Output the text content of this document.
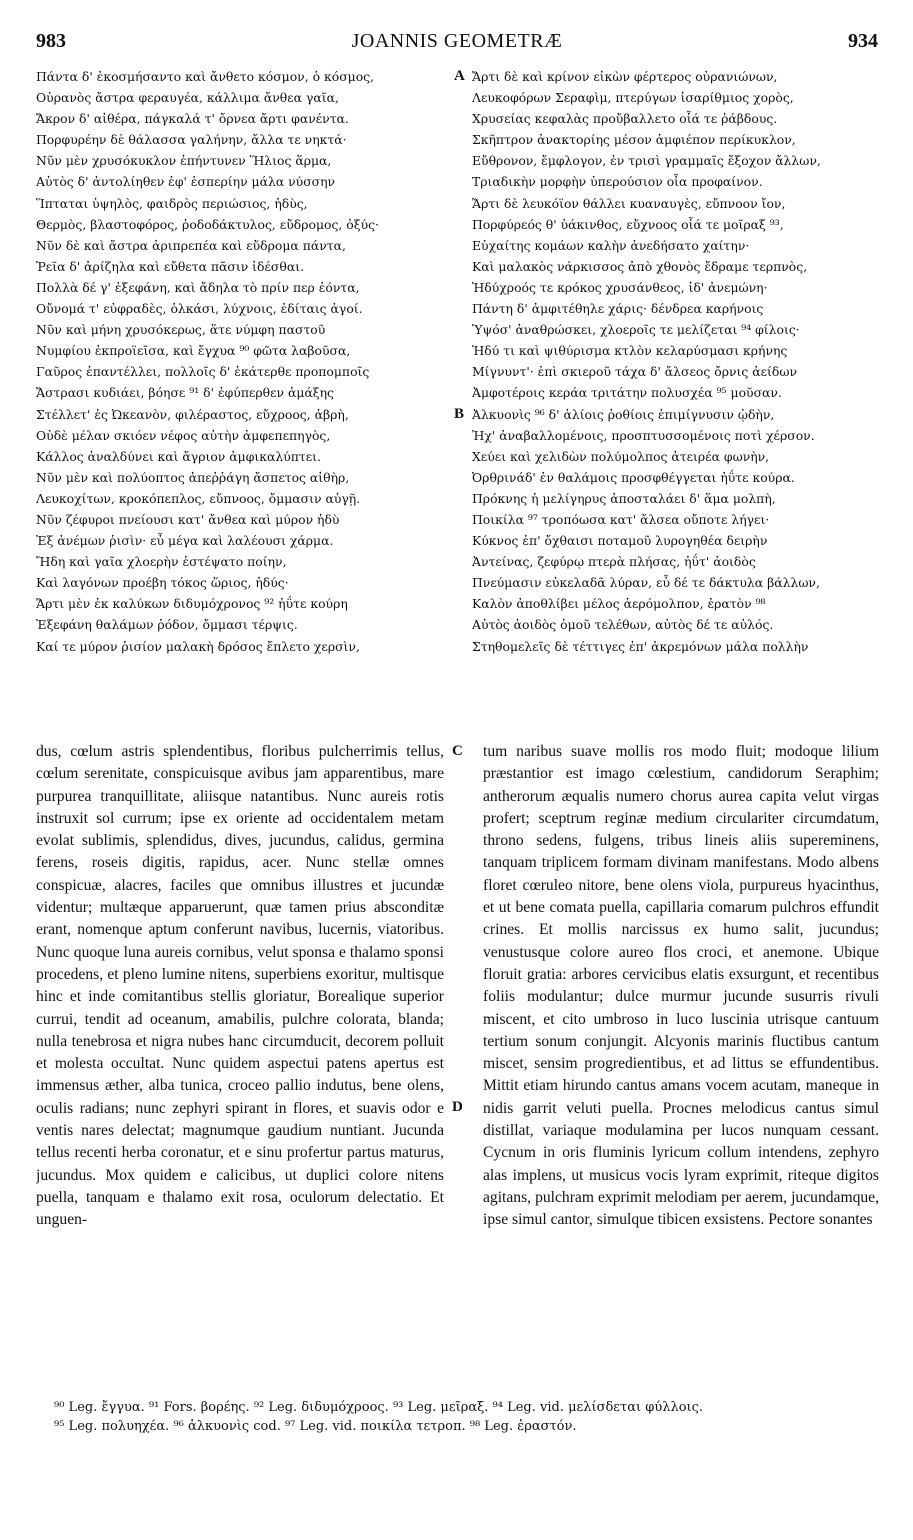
983	JOANNIS GEOMETRÆ	934
Πάντα δ' ἐκοσμήσαντο καὶ ἄνθετο κόσμον, ὁ κόσμος,
Οὐρανὸς ἄστρα φεραυγέα, κάλλιμα ἄνθεα γαῖα,
Ἄκρον δ' αἰθέρα, πάγκαλά τ' ὄρνεα ἄρτι φανέντα.
Πορφυρέην δὲ θάλασσα γαλήνην, ἄλλα τε νηκτά·
Νῦν μὲν χρυσόκυκλον ἐπήντυνεν Ἥλιος ἅρμα,
Αὐτὸς δ' ἀντολίηθεν ἐφ' ἑσπερίην μάλα νύσσην
Ἵπταται ὑψηλὸς, φαιδρὸς περιώσιος, ἡδὺς,
Θερμὸς, βλαστοφόρος, ῥοδοδάκτυλος, εὔδρομος, ὀξύς·
Νῦν δὲ καὶ ἄστρα ἀριπρεπέα καὶ εὔδρομα πάντα,
Ῥεῖα δ' ἀρίζηλα καὶ εὔθετα πᾶσιν ἰδέσθαι.
Πολλὰ δέ γ' ἐξεφάνη, καὶ ἄδηλα τὸ πρίν περ ἐόντα,
Οὔνομά τ' εὐφραδὲς, ὁλκάσι, λύχνοις, ἐδίταις ἁγοί.
Νῦν καὶ μήνη χρυσόκερως, ἅτε νύμφη παστοῦ
Νυμφίου ἐκπροϊεῖσα, καὶ ἔγχυα ⁹⁰ φῶτα λαβοῦσα,
Γαῦρος ἐπαντέλλει, πολλοῖς δ' ἑκάτερθε προπομποῖς
Ἄστρασι κυδιάει, βόησε ⁹¹ δ' ἐφύπερθεν ἁμάξης
Στέλλετ' ἐς Ὠκεανὸν, φιλέραστος, εὔχροος, ἁβρὴ,
Οὐδὲ μέλαν σκιόεν νέφος αὐτὴν ἀμφεπεπηγὸς,
Κάλλος ἀναλδύνει καὶ ἄγριον ἀμφικαλύπτει.
Νῦν μὲν καὶ πολύοπτος ἀπεῤῥάγη ἄσπετος αἰθὴρ,
Λευκοχίτων, κροκόπεπλος, εὔπνοος, ὄμμασιν αὐγῇ.
Νῦν ζέφυροι πνείουσι κατ' ἄνθεα καὶ μύρον ἡδὺ
Ἐξ ἀνέμων ῥισὶν· εὖ μέγα καὶ λαλέουσι χάρμα.
Ἤδη καὶ γαῖα χλοερὴν ἑστέψατο ποίην,
Καὶ λαγόνων προέβη τόκος ὥριος, ἡδύς·
Ἄρτι μὲν ἐκ καλύκων διδυμόχρονος ⁹² ἠΰτε κούρη
Ἐξεφάνη θαλάμων ῥόδον, ὄμμασι τέρψις.
Καί τε μύρον ῥισίον μαλακὴ δρόσος ἔπλετο χερσὶν,
Ἄρτι δὲ καὶ κρίνον εἰκὼν φέρτερος οὐρανιώνων,
Λευκοφόρων Σεραφὶμ, πτερύγων ἰσαρίθμιος χορὸς,
Χρυσείας κεφαλὰς προὔβαλλετο οἷά τε ῥάβδους.
Σκῆπτρον ἀνακτορίης μέσον ἀμφιέπον περίκυκλον,
Εὔθρονον, ἔμφλογον, ἐν τρισὶ γραμμαῖς ἔξοχον ἄλλων,
Τριαδικὴν μορφὴν ὑπερούσιον οἷα προφαίνον.
Ἄρτι δὲ λευκόϊον θάλλει κυαναυγὲς, εὔπνοον ἴον,
Πορφύρεός θ' ὑάκινθος, εὔχνοος οἷά τε μοῖραξ ⁹³,
Εὐχαίτης κομάων καλὴν ἀνεδήσατο χαίτην·
Καὶ μαλακὸς νάρκισσος ἀπὸ χθονὸς ἔδραμε τερπνὸς,
Ἡδύχροός τε κρόκος χρυσάνθεος, ἰδ' ἀνεμώνη·
Πάντη δ' ἀμφιτέθηλε χάρις· δένδρεα καρήνοις
Ὑψόσ' ἀναθρώσκει, χλοεροῖς τε μελίζεται ⁹⁴ φίλοις·
Ἡδύ τι καὶ ψιθύρισμα κτλὸν κελαρύσμασι κρήνης
Μίγνυντ'· ἐπὶ σκιεροῦ τάχα δ' ἄλσεος ὄρνις ἀείδων
Ἀμφοτέροις κεράα τριτάτην πολυσχέα ⁹⁵ μοῦσαν.
Ἀλκυονὶς ⁹⁶ δ' ἁλίοις ῥοθίοις ἐπιμίγνυσιν ᾠδὴν,
Ἠχ' ἀναβαλλομένοις, προσπτυσσομένοις ποτὶ χέρσον.
Χεύει καὶ χελιδὼν πολύμολπος ἀτειρέα φωνὴν,
Ὀρθρινάδ' ἐν θαλάμοις προσφθέγγεται ἠΰτε κούρα.
Πρόκνης ἡ μελίγηρυς ἀποσταλάει δ' ἅμα μολπὴ,
Ποικίλα ⁹⁷ τροπόωσα κατ' ἄλσεα οὔποτε λήγει·
Κύκνος ἐπ' ὄχθαισι ποταμοῦ λυρογηθέα δειρὴν
Ἀντείνας, ζεφύρῳ πτερὰ πλήσας, ἠΰτ' ἀοιδὸς
Πνεύμασιν εὐκελαδᾶ λύραν, εὖ δέ τε δάκτυλα βάλλων,
Καλὸν ἀποθλίβει μέλος ἀερόμολπον, ἐρατὸν ⁹⁸
Αὐτὸς ἀοιδὸς ὁμοῦ τελέθων, αὐτὸς δέ τε αὐλός.
Στηθομελεῖς δὲ τέττιγες ἐπ' ἀκρεμόνων μάλα πολλὴν
A
B
C
D
dus, cœlum astris splendentibus, floribus pulcherrimis tellus, cœlum serenitate, conspicuisque avibus jam apparentibus, mare purpurea tranquillitate, aliisque natantibus. Nunc aureis rotis instruxit sol currum; ipse ex oriente ad occidentalem metam evolat sublimis, splendidus, dives, jucundus, calidus, germina ferens, roseis digitis, rapidus, acer. Nunc stellæ omnes conspicuæ, alacres, faciles que omnibus illustres et jucundæ videntur; multæque apparuerunt, quæ tamen prius absconditæ erant, nomenque aptum conferunt navibus, lucernis, viatoribus. Nunc quoque luna aureis cornibus, velut sponsa e thalamo sponsi procedens, et pleno lumine nitens, superbiens exoritur, multisque hinc et inde comitantibus stellis gloriatur, Borealique superior currui, tendit ad oceanum, amabilis, pulchre colorata, blanda; nulla tenebrosa et nigra nubes hanc circumducit, decorem polluit et molesta occultat. Nunc quidem aspectui patens apertus est immensus æther, alba tunica, croceo pallio indutus, bene olens, oculis radians; nunc zephyri spirant in flores, et suavis odor e ventis nares delectat; magnumque gaudium nuntiant. Jucunda tellus recenti herba coronatur, et e sinu profertur partus maturus, jucundus. Mox quidem e calicibus, ut duplici colore nitens puella, tanquam e thalamo exit rosa, oculorum delectatio. Et unguen-
tum naribus suave mollis ros modo fluit; modoque lilium præstantior est imago cœlestium, candidorum Seraphim; antherorum æqualis numero chorus aurea capita velut virgas profert; sceptrum reginæ medium circulariter circumdatum, throno sedens, fulgens, tribus lineis aliis supereminens, tanquam triplicem formam divinam manifestans. Modo albens floret cœruleo nitore, bene olens viola, purpureus hyacinthus, et ut bene comata puella, capillaria comarum pulchros effundit crines. Et mollis narcissus ex humo salit, jucundus; venustusque colore aureo flos croci, et anemone. Ubique floruit gratia: arbores cervicibus elatis exsurgunt, et recentibus foliis modulantur; dulce murmur jucunde susurris rivuli miscent, et cito umbroso in luco luscinia utrisque cantuum tertium sonum conjungit. Alcyonis marinis fluctibus cantum miscet, sensim progredientibus, et ad littus se effundentibus. Mittit etiam hirundo cantus amans vocem acutam, maneque in nidis garrit veluti puella. Procnes melodicus cantus simul distillat, variaque modulamina per lucos nunquam cessant. Cycnum in oris fluminis lyricum collum intendens, zephyro alas implens, ut musicus vocis lyram exprimit, riteque digitos agitans, pulchram exprimit melodiam per aerem, jucundamque, ipse simul cantor, simulque tibicen exsistens. Pectore sonantes
⁹⁰ Leg. ἔγγυα. ⁹¹ Fors. βορέης. ⁹² Leg. διδυμόχροος. ⁹³ Leg. μεῖραξ. ⁹⁴ Leg. vid. μελίσδεται φύλλοις.
⁹⁵ Leg. πολυηχέα. ⁹⁶ ἀλκυονὶς cod. ⁹⁷ Leg. vid. ποικίλα τετροπ. ⁹⁸ Leg. ἐραστόν.
